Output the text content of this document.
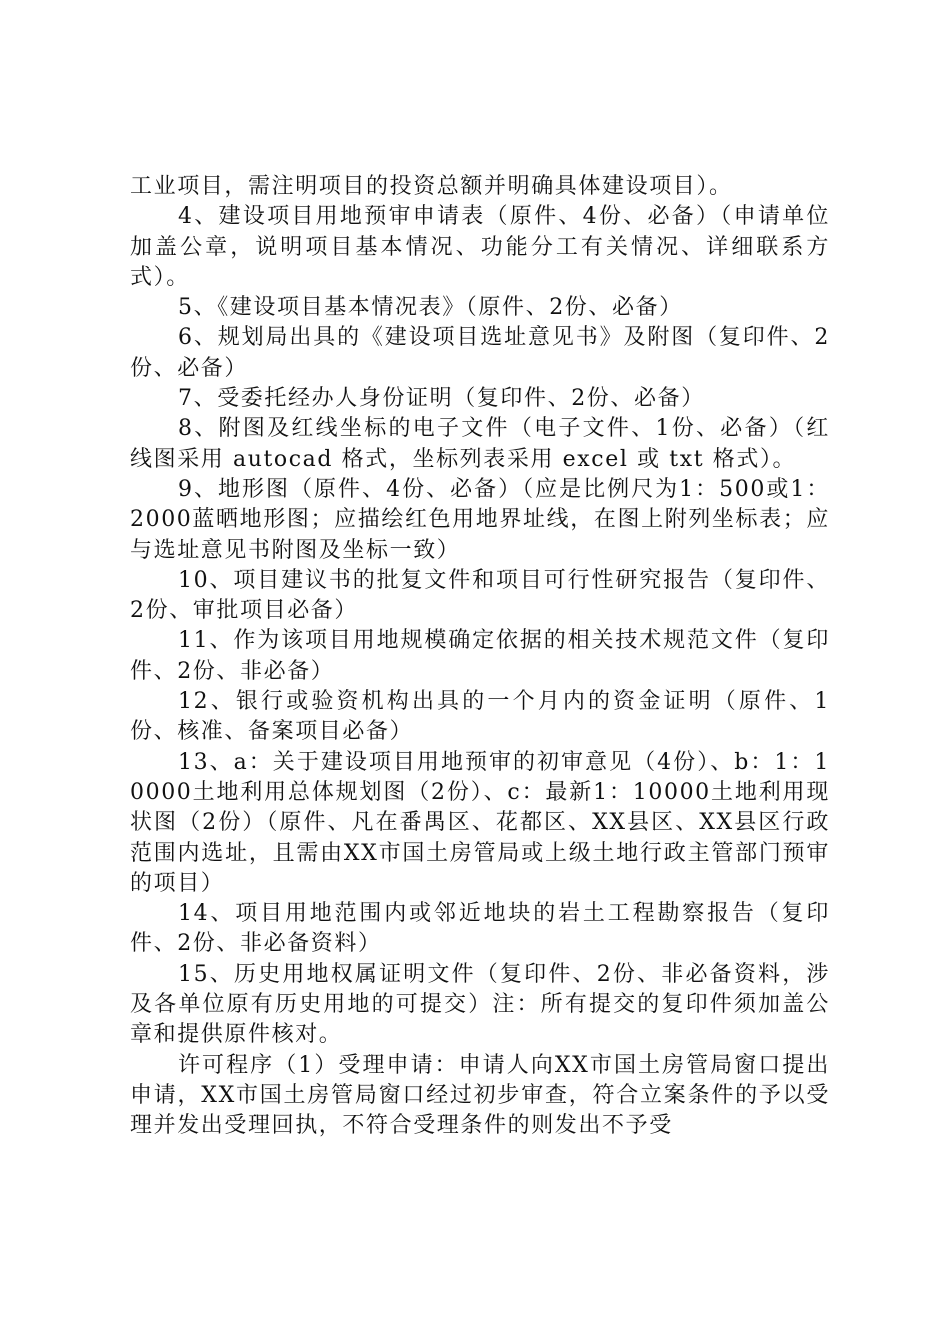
工业项目，需注明项目的投资总额并明确具体建设项目）。

4、建设项目用地预审申请表（原件、4份、必备）（申请单位加盖公章，说明项目基本情况、功能分工有关情况、详细联系方式）。

5、《建设项目基本情况表》（原件、2份、必备）

6、规划局出具的《建设项目选址意见书》及附图（复印件、2份、必备）

7、受委托经办人身份证明（复印件、2份、必备）

8、附图及红线坐标的电子文件（电子文件、1份、必备）（红线图采用 autocad 格式，坐标列表采用 excel 或 txt 格式）。

9、地形图（原件、4份、必备）（应是比例尺为1：500或1：2000蓝晒地形图；应描绘红色用地界址线，在图上附列坐标表；应与选址意见书附图及坐标一致）

10、项目建议书的批复文件和项目可行性研究报告（复印件、2份、审批项目必备）

11、作为该项目用地规模确定依据的相关技术规范文件（复印件、2份、非必备）

12、银行或验资机构出具的一个月内的资金证明（原件、1份、核准、备案项目必备）

13、a：关于建设项目用地预审的初审意见（4份）、b：1：10000土地利用总体规划图（2份）、c：最新1：10000土地利用现状图（2份）（原件、凡在番禺区、花都区、XX县区、XX县区行政范围内选址，且需由XX市国土房管局或上级土地行政主管部门预审的项目）

14、项目用地范围内或邻近地块的岩土工程勘察报告（复印件、2份、非必备资料）

15、历史用地权属证明文件（复印件、2份、非必备资料，涉及各单位原有历史用地的可提交）注：所有提交的复印件须加盖公章和提供原件核对。

许可程序（1）受理申请：申请人向XX市国土房管局窗口提出申请，XX市国土房管局窗口经过初步审查，符合立案条件的予以受理并发出受理回执，不符合受理条件的则发出不予受
